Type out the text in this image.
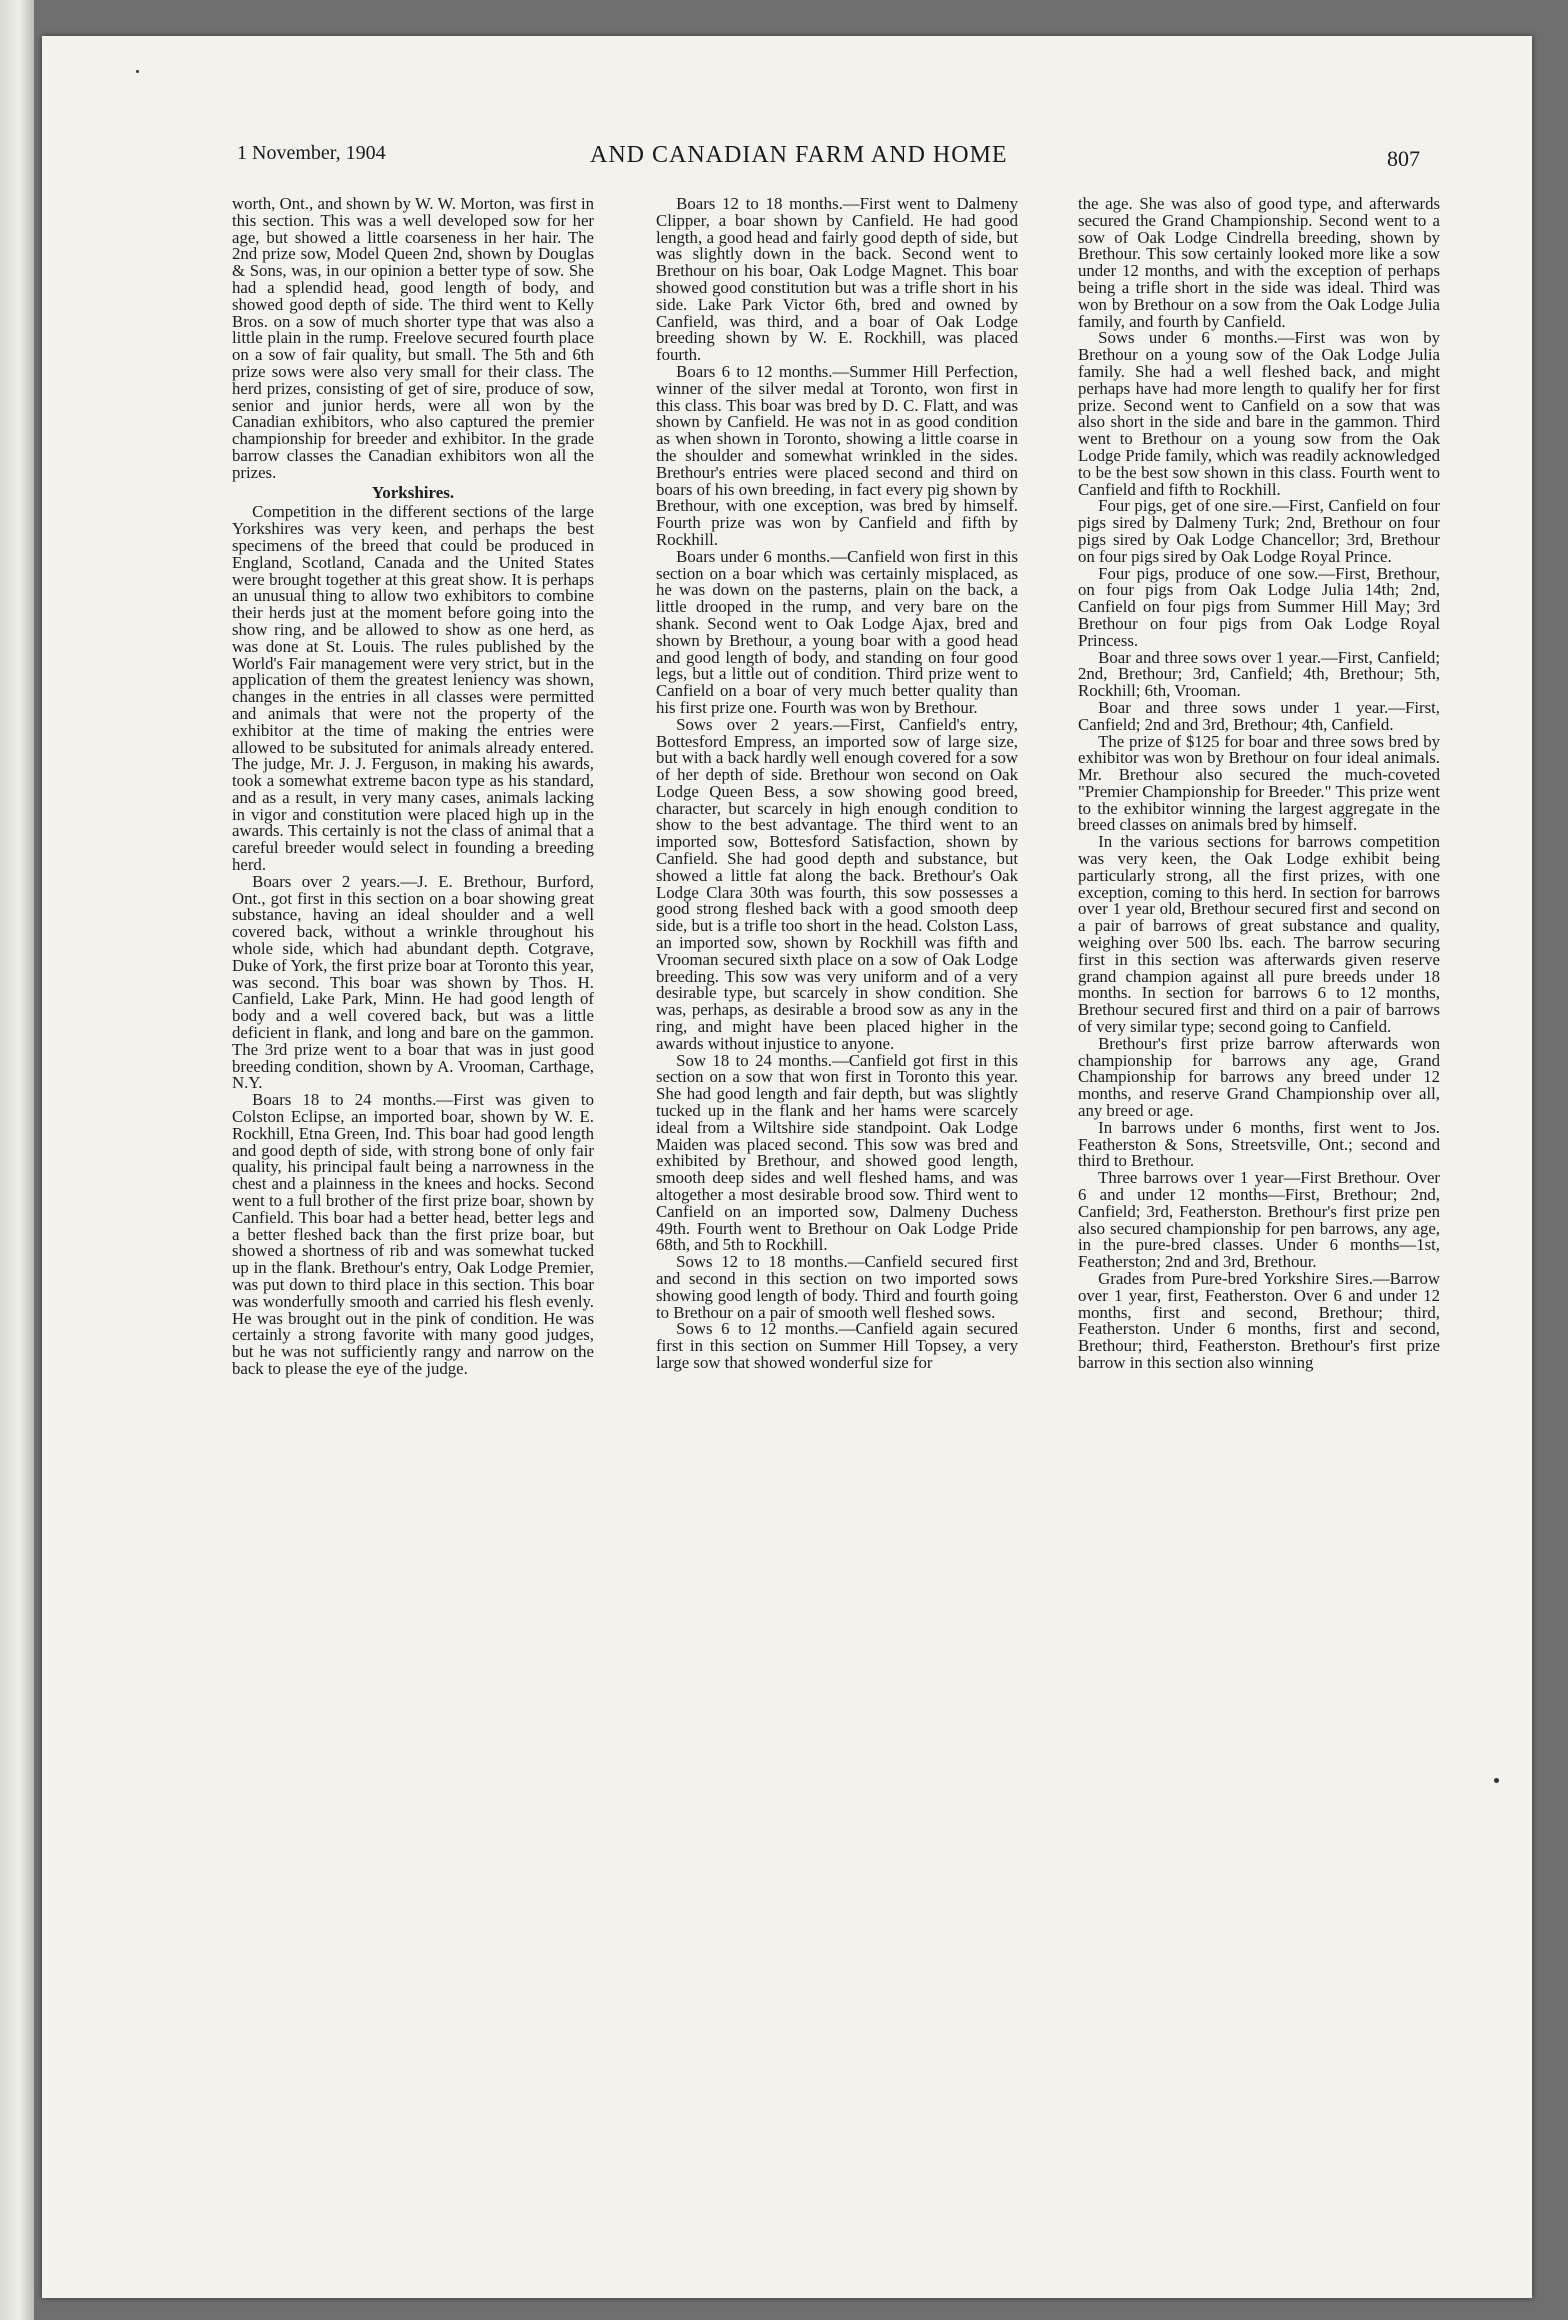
1 November, 1904	AND CANADIAN FARM AND HOME	807

worth, Ont., and shown by W. W. Morton, was first in this section. This was a well developed sow for her age, but showed a little coarseness in her hair. The 2nd prize sow, Model Queen 2nd, shown by Douglas & Sons, was, in our opinion a better type of sow. She had a splendid head, good length of body, and showed good depth of side. The third went to Kelly Bros. on a sow of much shorter type that was also a little plain in the rump. Freelove secured fourth place on a sow of fair quality, but small. The 5th and 6th prize sows were also very small for their class. The herd prizes, consisting of get of sire, produce of sow, senior and junior herds, were all won by the Canadian exhibitors, who also captured the premier championship for breeder and exhibitor. In the grade barrow classes the Canadian exhibitors won all the prizes.

Yorkshires.

Competition in the different sections of the large Yorkshires was very keen, and perhaps the best specimens of the breed that could be produced in England, Scotland, Canada and the United States were brought together at this great show. It is perhaps an unusual thing to allow two exhibitors to combine their herds just at the moment before going into the show ring, and be allowed to show as one herd, as was done at St. Louis. The rules published by the World's Fair management were very strict, but in the application of them the greatest leniency was shown, changes in the entries in all classes were permitted and animals that were not the property of the exhibitor at the time of making the entries were allowed to be subsituted for animals already entered. The judge, Mr. J. J. Ferguson, in making his awards, took a somewhat extreme bacon type as his standard, and as a result, in very many cases, animals lacking in vigor and constitution were placed high up in the awards. This certainly is not the class of animal that a careful breeder would select in founding a breeding herd.

Boars over 2 years.—J. E. Brethour, Burford, Ont., got first in this section on a boar showing great substance, having an ideal shoulder and a well covered back, without a wrinkle throughout his whole side, which had abundant depth. Cotgrave, Duke of York, the first prize boar at Toronto this year, was second. This boar was shown by Thos. H. Canfield, Lake Park, Minn. He had good length of body and a well covered back, but was a little deficient in flank, and long and bare on the gammon. The 3rd prize went to a boar that was in just good breeding condition, shown by A. Vrooman, Carthage, N.Y.

Boars 18 to 24 months.—First was given to Colston Eclipse, an imported boar, shown by W. E. Rockhill, Etna Green, Ind. This boar had good length and good depth of side, with strong bone of only fair quality, his principal fault being a narrowness in the chest and a plainness in the knees and hocks. Second went to a full brother of the first prize boar, shown by Canfield. This boar had a better head, better legs and a better fleshed back than the first prize boar, but showed a shortness of rib and was somewhat tucked up in the flank. Brethour's entry, Oak Lodge Premier, was put down to third place in this section. This boar was wonderfully smooth and carried his flesh evenly. He was brought out in the pink of condition. He was certainly a strong favorite with many good judges, but he was not sufficiently rangy and narrow on the back to please the eye of the judge.

Boars 12 to 18 months.—First went to Dalmeny Clipper, a boar shown by Canfield. He had good length, a good head and fairly good depth of side, but was slightly down in the back. Second went to Brethour on his boar, Oak Lodge Magnet. This boar showed good constitution but was a trifle short in his side. Lake Park Victor 6th, bred and owned by Canfield, was third, and a boar of Oak Lodge breeding shown by W. E. Rockhill, was placed fourth.

Boars 6 to 12 months.—Summer Hill Perfection, winner of the silver medal at Toronto, won first in this class. This boar was bred by D. C. Flatt, and was shown by Canfield. He was not in as good condition as when shown in Toronto, showing a little coarse in the shoulder and somewhat wrinkled in the sides. Brethour's entries were placed second and third on boars of his own breeding, in fact every pig shown by Brethour, with one exception, was bred by himself. Fourth prize was won by Canfield and fifth by Rockhill.

Boars under 6 months.—Canfield won first in this section on a boar which was certainly misplaced, as he was down on the pasterns, plain on the back, a little drooped in the rump, and very bare on the shank. Second went to Oak Lodge Ajax, bred and shown by Brethour, a young boar with a good head and good length of body, and standing on four good legs, but a little out of condition. Third prize went to Canfield on a boar of very much better quality than his first prize one. Fourth was won by Brethour.

Sows over 2 years.—First, Canfield's entry, Bottesford Empress, an imported sow of large size, but with a back hardly well enough covered for a sow of her depth of side. Brethour won second on Oak Lodge Queen Bess, a sow showing good breed, character, but scarcely in high enough condition to show to the best advantage. The third went to an imported sow, Bottesford Satisfaction, shown by Canfield. She had good depth and substance, but showed a little fat along the back. Brethour's Oak Lodge Clara 30th was fourth, this sow possesses a good strong fleshed back with a good smooth deep side, but is a trifle too short in the head. Colston Lass, an imported sow, shown by Rockhill was fifth and Vrooman secured sixth place on a sow of Oak Lodge breeding. This sow was very uniform and of a very desirable type, but scarcely in show condition. She was, perhaps, as desirable a brood sow as any in the ring, and might have been placed higher in the awards without injustice to anyone.

Sow 18 to 24 months.—Canfield got first in this section on a sow that won first in Toronto this year. She had good length and fair depth, but was slightly tucked up in the flank and her hams were scarcely ideal from a Wiltshire side standpoint. Oak Lodge Maiden was placed second. This sow was bred and exhibited by Brethour, and showed good length, smooth deep sides and well fleshed hams, and was altogether a most desirable brood sow. Third went to Canfield on an imported sow, Dalmeny Duchess 49th. Fourth went to Brethour on Oak Lodge Pride 68th, and 5th to Rockhill.

Sows 12 to 18 months.—Canfield secured first and second in this section on two imported sows showing good length of body. Third and fourth going to Brethour on a pair of smooth well fleshed sows.

Sows 6 to 12 months.—Canfield again secured first in this section on Summer Hill Topsey, a very large sow that showed wonderful size for

the age. She was also of good type, and afterwards secured the Grand Championship. Second went to a sow of Oak Lodge Cindrella breeding, shown by Brethour. This sow certainly looked more like a sow under 12 months, and with the exception of perhaps being a trifle short in the side was ideal. Third was won by Brethour on a sow from the Oak Lodge Julia family, and fourth by Canfield.

Sows under 6 months.—First was won by Brethour on a young sow of the Oak Lodge Julia family. She had a well fleshed back, and might perhaps have had more length to qualify her for first prize. Second went to Canfield on a sow that was also short in the side and bare in the gammon. Third went to Brethour on a young sow from the Oak Lodge Pride family, which was readily acknowledged to be the best sow shown in this class. Fourth went to Canfield and fifth to Rockhill.

Four pigs, get of one sire.—First, Canfield on four pigs sired by Dalmeny Turk; 2nd, Brethour on four pigs sired by Oak Lodge Chancellor; 3rd, Brethour on four pigs sired by Oak Lodge Royal Prince.

Four pigs, produce of one sow.—First, Brethour, on four pigs from Oak Lodge Julia 14th; 2nd, Canfield on four pigs from Summer Hill May; 3rd Brethour on four pigs from Oak Lodge Royal Princess.

Boar and three sows over 1 year.—First, Canfield; 2nd, Brethour; 3rd, Canfield; 4th, Brethour; 5th, Rockhill; 6th, Vrooman.

Boar and three sows under 1 year.—First, Canfield; 2nd and 3rd, Brethour; 4th, Canfield.

The prize of $125 for boar and three sows bred by exhibitor was won by Brethour on four ideal animals. Mr. Brethour also secured the much-coveted "Premier Championship for Breeder." This prize went to the exhibitor winning the largest aggregate in the breed classes on animals bred by himself.

In the various sections for barrows competition was very keen, the Oak Lodge exhibit being particularly strong, all the first prizes, with one exception, coming to this herd. In section for barrows over 1 year old, Brethour secured first and second on a pair of barrows of great substance and quality, weighing over 500 lbs. each. The barrow securing first in this section was afterwards given reserve grand champion against all pure breeds under 18 months. In section for barrows 6 to 12 months, Brethour secured first and third on a pair of barrows of very similar type; second going to Canfield.

Brethour's first prize barrow afterwards won championship for barrows any age, Grand Championship for barrows any breed under 12 months, and reserve Grand Championship over all, any breed or age.

In barrows under 6 months, first went to Jos. Featherston & Sons, Streetsville, Ont.; second and third to Brethour.

Three barrows over 1 year—First Brethour. Over 6 and under 12 months—First, Brethour; 2nd, Canfield; 3rd, Featherston. Brethour's first prize pen also secured championship for pen barrows, any age, in the pure-bred classes. Under 6 months—1st, Featherston; 2nd and 3rd, Brethour.

Grades from Pure-bred Yorkshire Sires.—Barrow over 1 year, first, Featherston. Over 6 and under 12 months, first and second, Brethour; third, Featherston. Under 6 months, first and second, Brethour; third, Featherston. Brethour's first prize barrow in this section also winning
